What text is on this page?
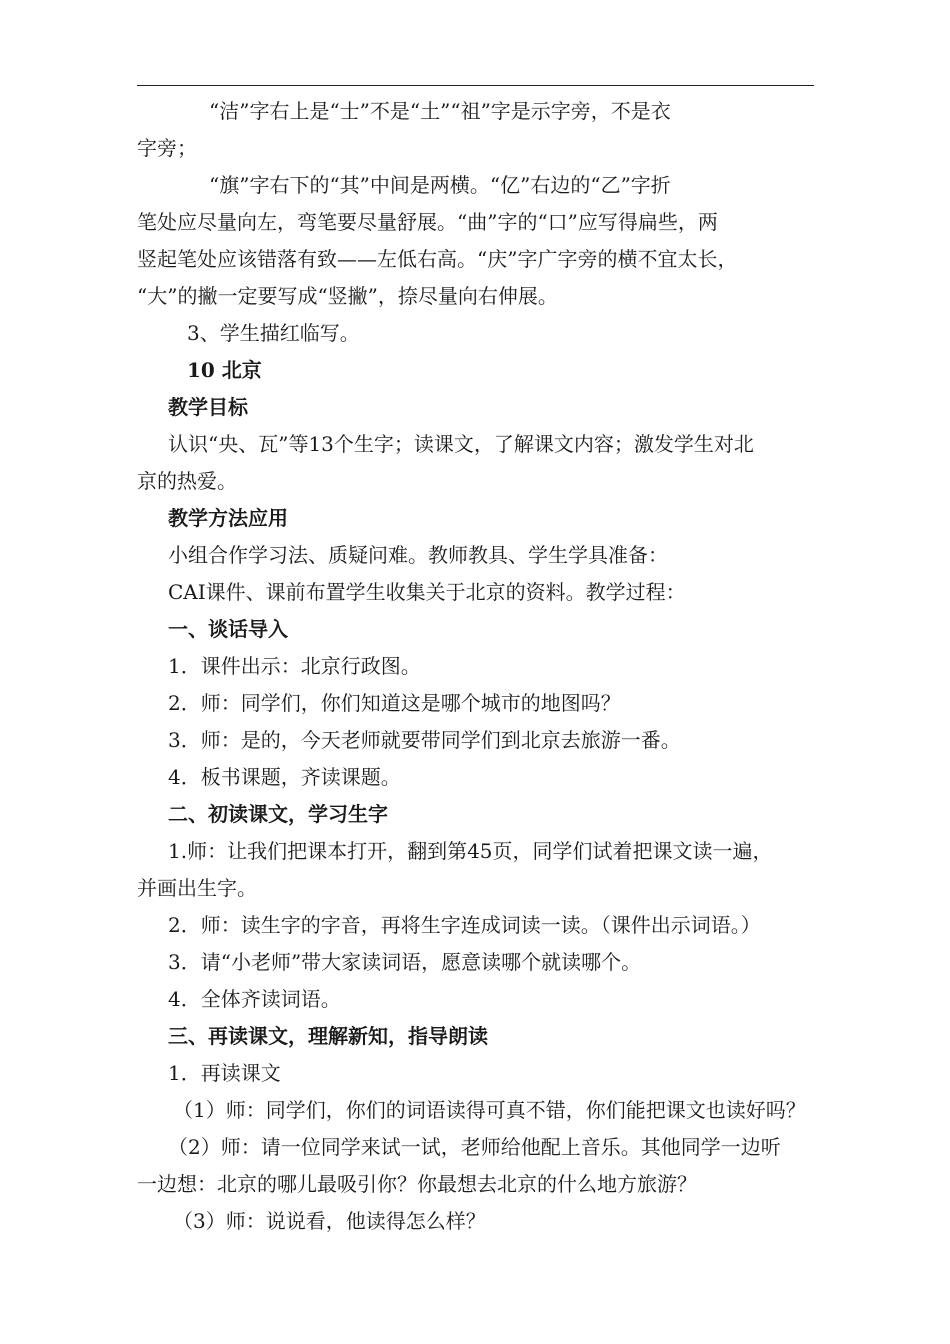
“洁”字右上是“士”不是“土”“祖”字是示字旁，不是衣

字旁；

“旗”字右下的“其”中间是两横。“亿”右边的“乙”字折

笔处应尽量向左，弯笔要尽量舒展。“曲”字的“口”应写得扁些，两

竖起笔处应该错落有致——左低右高。“庆”字广字旁的横不宜太长，

“大”的撇一定要写成“竖撇”，捺尽量向右伸展。

3、学生描红临写。

10 北京

教学目标

认识“央、瓦”等13个生字；读课文，了解课文内容；激发学生对北

京的热爱。

教学方法应用

小组合作学习法、质疑问难。教师教具、学生学具准备：

CAI课件、课前布置学生收集关于北京的资料。教学过程：

一、谈话导入

1．课件出示：北京行政图。

2．师：同学们，你们知道这是哪个城市的地图吗？

3．师：是的，今天老师就要带同学们到北京去旅游一番。

4．板书课题，齐读课题。

二、初读课文，学习生字

1.师：让我们把课本打开，翻到第45页，同学们试着把课文读一遍，

并画出生字。

2．师：读生字的字音，再将生字连成词读一读。（课件出示词语。）

3．请“小老师”带大家读词语，愿意读哪个就读哪个。

4．全体齐读词语。

三、再读课文，理解新知，指导朗读

1．再读课文

（1）师：同学们，你们的词语读得可真不错，你们能把课文也读好吗？

（2）师：请一位同学来试一试，老师给他配上音乐。其他同学一边听

一边想：北京的哪儿最吸引你？你最想去北京的什么地方旅游？

（3）师：说说看，他读得怎么样？
